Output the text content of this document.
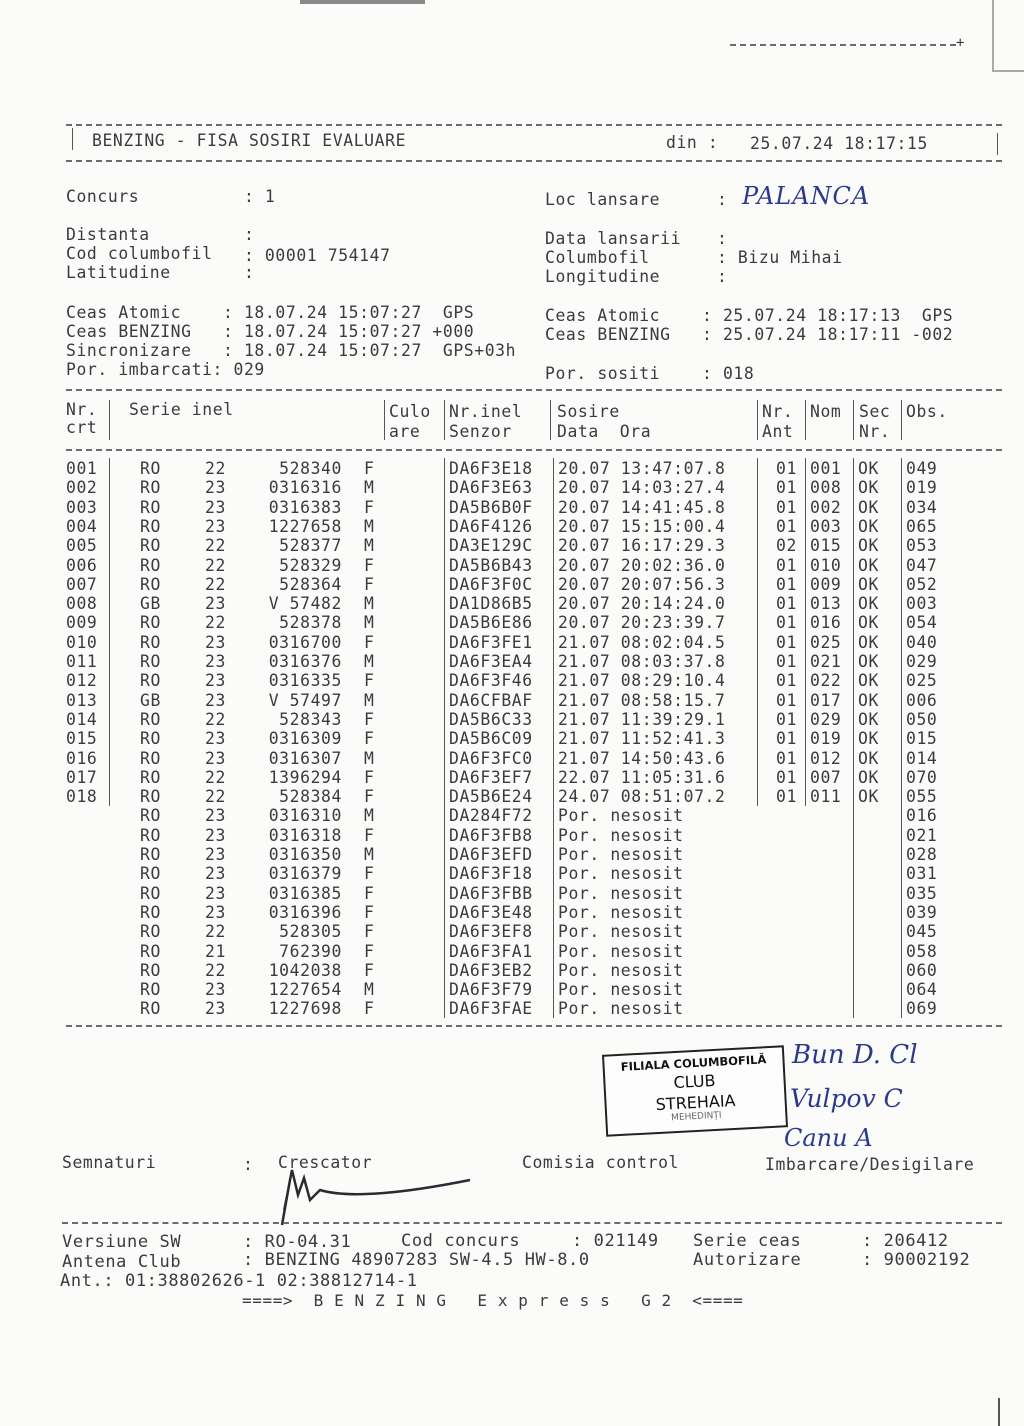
+
BENZING - FISA SOSIRI EVALUARE	din : 25.07.24 18:17:15
Concurs	: 1	Loc lansare	: PALANCA
Distanta	:
Cod columbofil : 00001 754147
Latitudine	:
Data lansarii :
Columbofil	: Bizu Mihai
Longitudine	:
Ceas Atomic    : 18.07.24 15:07:27  GPS
Ceas BENZING   : 18.07.24 15:07:27 +000
Sincronizare   : 18.07.24 15:07:27  GPS+03h
Por. imbarcati: 029
Ceas Atomic    : 25.07.24 18:17:13  GPS
Ceas BENZING   : 25.07.24 18:17:11 -002
Por. sositi    : 018
Nr.
crt
Serie inel	Culo
are
Nr.inel
Senzor
Sosire
Data  Ora
Nr.
Ant
Nom Sec
Nr.
Obs.
001	RO	22	528340 F	DA6F3E18 20.07 13:47:07.8	01 001 OK 049
002	RO	23	0316316 M	DA6F3E63 20.07 14:03:27.4	01 008 OK 019
003	RO	23	0316383 F	DA5B6B0F 20.07 14:41:45.8	01 002 OK 034
004	RO	23	1227658 M	DA6F4126 20.07 15:15:00.4	01 003 OK 065
005	RO	22	528377 M	DA3E129C 20.07 16:17:29.3	02 015 OK 053
006	RO	22	528329 F	DA5B6B43 20.07 20:02:36.0	01 010 OK 047
007	RO	22	528364 F	DA6F3F0C 20.07 20:07:56.3	01 009 OK 052
008	GB	23	V 57482 M	DA1D86B5 20.07 20:14:24.0	01 013 OK 003
009	RO	22	528378 M	DA5B6E86 20.07 20:23:39.7	01 016 OK 054
010	RO	23	0316700 F	DA6F3FE1 21.07 08:02:04.5	01 025 OK 040
011	RO	23	0316376 M	DA6F3EA4 21.07 08:03:37.8	01 021 OK 029
012	RO	23	0316335 F	DA6F3F46 21.07 08:29:10.4	01 022 OK 025
013	GB	23	V 57497 M	DA6CFBAF 21.07 08:58:15.7	01 017 OK 006
014	RO	22	528343 F	DA5B6C33 21.07 11:39:29.1	01 029 OK 050
015	RO	23	0316309 F	DA5B6C09 21.07 11:52:41.3	01 019 OK 015
016	RO	23	0316307 M	DA6F3FC0 21.07 14:50:43.6	01 012 OK 014
017	RO	22	1396294 F	DA6F3EF7 22.07 11:05:31.6	01 007 OK 070
018	RO	22	528384 F	DA5B6E24 24.07 08:51:07.2	01 011 OK 055
RO	23	0316310 M	DA284F72 Por. nesosit	016
RO	23	0316318 F	DA6F3FB8 Por. nesosit	021
RO	23	0316350 M	DA6F3EFD Por. nesosit	028
RO	23	0316379 F	DA6F3F18 Por. nesosit	031
RO	23	0316385 F	DA6F3FBB Por. nesosit	035
RO	23	0316396 F	DA6F3E48 Por. nesosit	039
RO	22	528305 F	DA6F3EF8 Por. nesosit	045
RO	21	762390 F	DA6F3FA1 Por. nesosit	058
RO	22	1042038 F	DA6F3EB2 Por. nesosit	060
RO	23	1227654 M	DA6F3F79 Por. nesosit	064
RO	23	1227698 F	DA6F3FAE Por. nesosit	069
FILIALA COLUMBOFILĂ
CLUB
STREHAIA
MEHEDINȚI
Bun D. Cl
Vulpov C
Canu A
Semnaturi	: Crescator	Comisia control	Imbarcare/Desigilare
Versiune SW	: RO-04.31	Cod concurs	: 021149 Serie ceas	: 206412
Antena Club	: BENZING 48907283 SW-4.5 HW-8.0	Autorizare	: 90002192
Ant.: 01:38802626-1 02:38812714-1
====>  B E N Z I N G   E x p r e s s   G 2  <====
